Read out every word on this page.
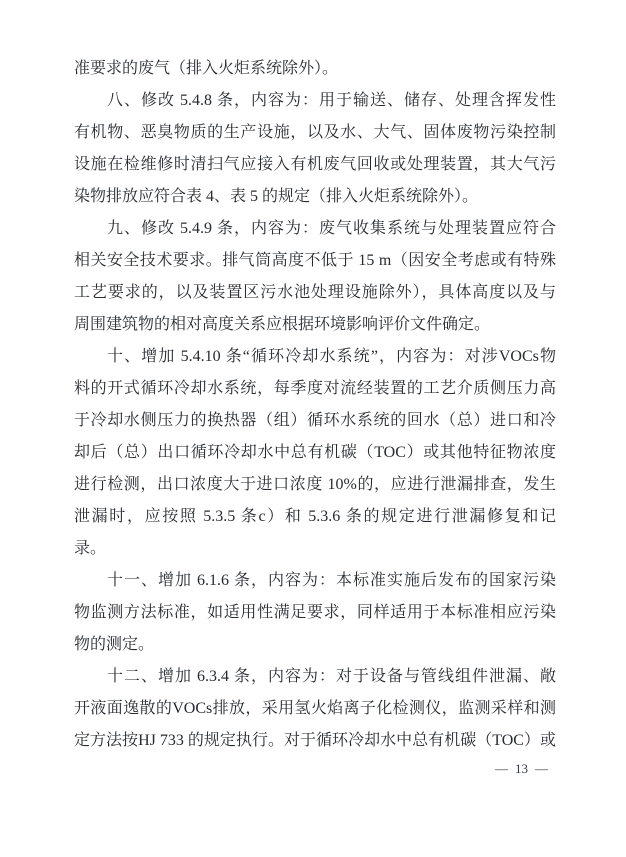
准要求的废气（排入火炬系统除外）。
八、修改 5.4.8 条，内容为：用于输送、储存、处理含挥发性
有机物、恶臭物质的生产设施，以及水、大气、固体废物污染控制
设施在检维修时清扫气应接入有机废气回收或处理装置，其大气污
染物排放应符合表 4、表 5 的规定（排入火炬系统除外）。
九、修改 5.4.9 条，内容为：废气收集系统与处理装置应符合
相关安全技术要求。排气筒高度不低于 15 m（因安全考虑或有特殊
工艺要求的，以及装置区污水池处理设施除外），具体高度以及与
周围建筑物的相对高度关系应根据环境影响评价文件确定。
十、增加 5.4.10 条“循环冷却水系统”，内容为：对涉VOCs物
料的开式循环冷却水系统，每季度对流经装置的工艺介质侧压力高
于冷却水侧压力的换热器（组）循环水系统的回水（总）进口和冷
却后（总）出口循环冷却水中总有机碳（TOC）或其他特征物浓度
进行检测，出口浓度大于进口浓度 10%的，应进行泄漏排查，发生
泄漏时，应按照 5.3.5 条c）和 5.3.6 条的规定进行泄漏修复和记
录。
十一、增加 6.1.6 条，内容为：本标准实施后发布的国家污染
物监测方法标准，如适用性满足要求，同样适用于本标准相应污染
物的测定。
十二、增加 6.3.4 条，内容为：对于设备与管线组件泄漏、敞
开液面逸散的VOCs排放，采用氢火焰离子化检测仪，监测采样和测
定方法按HJ 733 的规定执行。对于循环冷却水中总有机碳（TOC）或
— 13 —
